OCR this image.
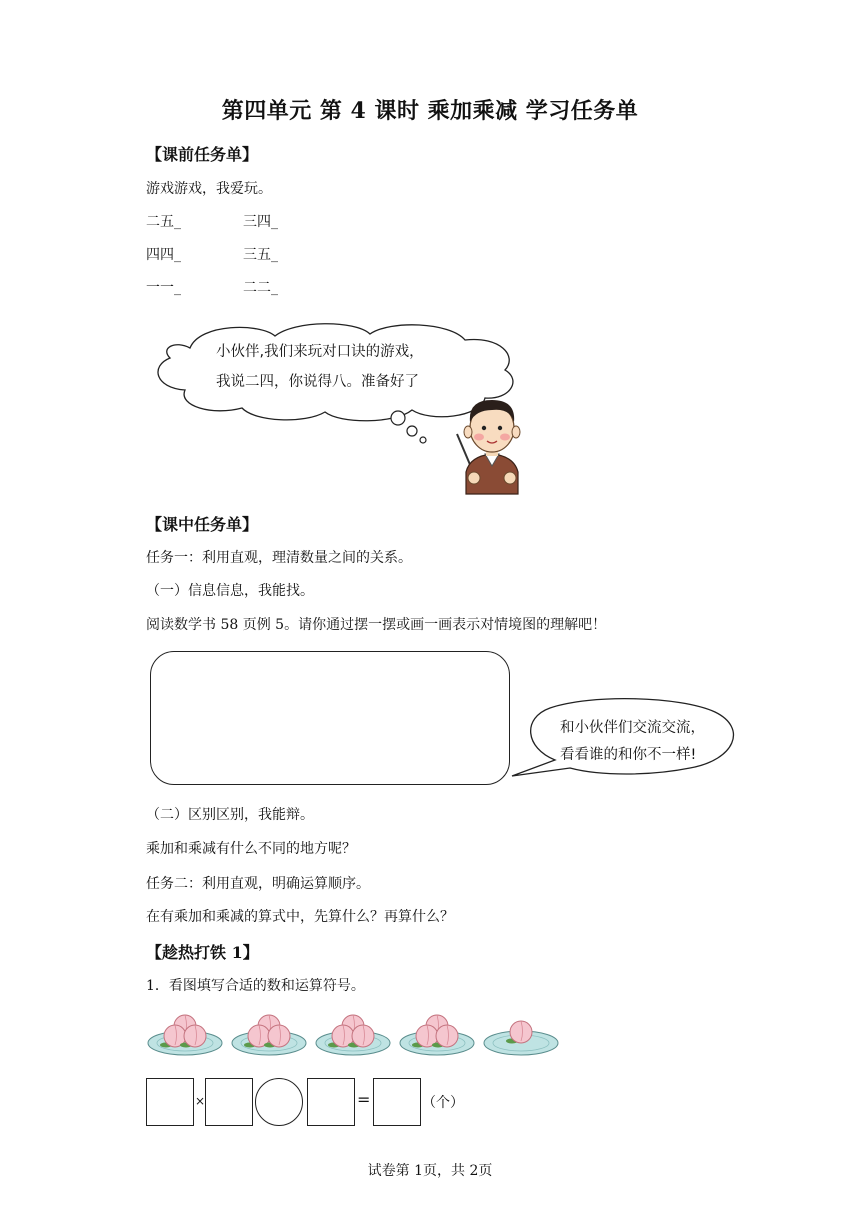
第四单元 第 4 课时 乘加乘减 学习任务单
【课前任务单】
游戏游戏，我爱玩。
二五_	三四_
四四_	三五_
一一_	二二_
小伙伴,我们来玩对口诀的游戏，
我说二四，你说得八。准备好了
【课中任务单】
任务一：利用直观，理清数量之间的关系。
（一）信息信息，我能找。
阅读数学书 58 页例 5。请你通过摆一摆或画一画表示对情境图的理解吧！
和小伙伴们交流交流，
看看谁的和你不一样!
（二）区别区别，我能辩。
乘加和乘减有什么不同的地方呢？
任务二：利用直观，明确运算顺序。
在有乘加和乘减的算式中，先算什么？再算什么？
【趁热打铁 1】
1．看图填写合适的数和运算符号。
×	=	（个）
试卷第 1页，共 2页
